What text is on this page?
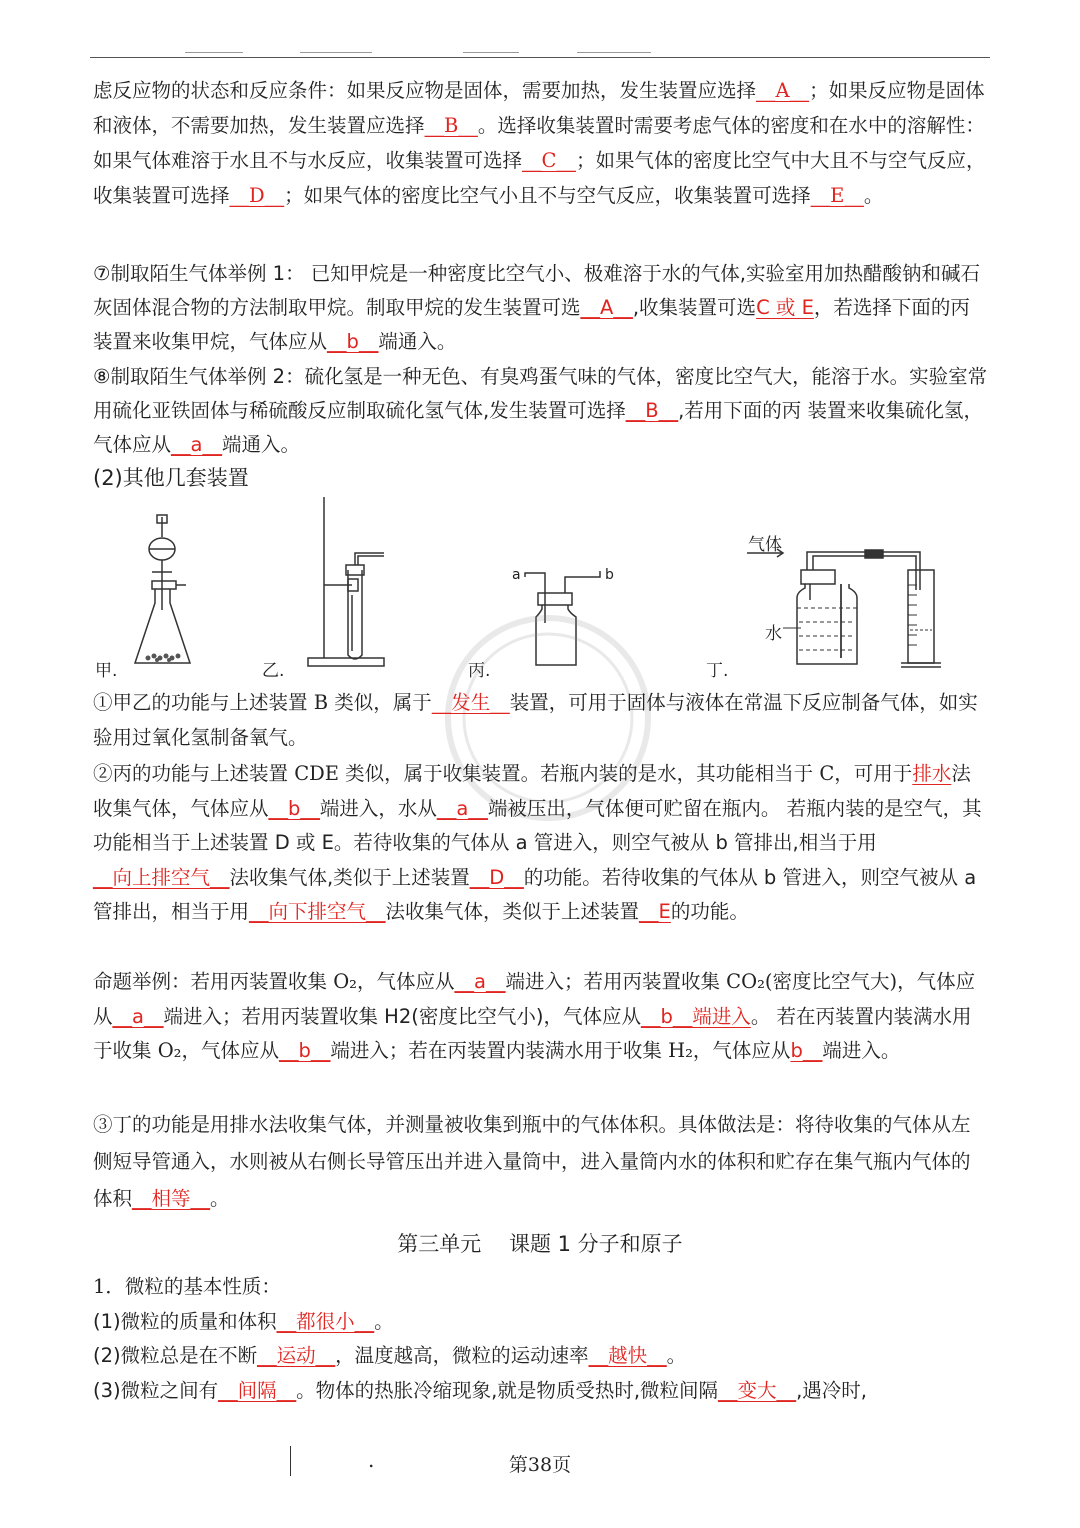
虑反应物的状态和反应条件：如果反应物是固体，需要加热，发生装置应选择__A__；如果反应物是固体和液体，不需要加热，发生装置应选择__B__。选择收集装置时需要考虑气体的密度和在水中的溶解性：如果气体难溶于水且不与水反应，收集装置可选择__C__；如果气体的密度比空气中大且不与空气反应，收集装置可选择__D__；如果气体的密度比空气小且不与空气反应，收集装置可选择__E__。

⑦制取陌生气体举例 1： 已知甲烷是一种密度比空气小、极难溶于水的气体,实验室用加热醋酸钠和碱石灰固体混合物的方法制取甲烷。制取甲烷的发生装置可选__A__,收集装置可选C 或 E，若选择下面的丙装置来收集甲烷，气体应从__b__端通入。

⑧制取陌生气体举例 2：硫化氢是一种无色、有臭鸡蛋气味的气体，密度比空气大，能溶于水。实验室常用硫化亚铁固体与稀硫酸反应制取硫化氢气体,发生装置可选择__B__,若用下面的丙 装置来收集硫化氢，气体应从__a__端通入。

(2)其他几套装置
甲.	乙.
a	b
丙.
气体
水
丁.

①甲乙的功能与上述装置 B 类似，属于__发生__装置，可用于固体与液体在常温下反应制备气体，如实验用过氧化氢制备氧气。

②丙的功能与上述装置 CDE 类似，属于收集装置。若瓶内装的是水，其功能相当于 C，可用于排水法收集气体，气体应从__b__端进入，水从__a__端被压出，气体便可贮留在瓶内。 若瓶内装的是空气，其功能相当于上述装置 D 或 E。若待收集的气体从 a 管进入，则空气被从 b 管排出,相当于用__向上排空气__法收集气体,类似于上述装置__D__的功能。若待收集的气体从 b 管进入，则空气被从 a 管排出，相当于用__向下排空气__法收集气体，类似于上述装置__E的功能。

命题举例：若用丙装置收集 O₂，气体应从__a__端进入；若用丙装置收集 CO₂(密度比空气大)，气体应从__a__端进入；若用丙装置收集 H2(密度比空气小)，气体应从__b__端进入。 若在丙装置内装满水用于收集 O₂，气体应从__b__端进入；若在丙装置内装满水用于收集 H₂，气体应从b__端进入。

③丁的功能是用排水法收集气体，并测量被收集到瓶中的气体体积。具体做法是：将待收集的气体从左侧短导管通入，水则被从右侧长导管压出并进入量筒中，进入量筒内水的体积和贮存在集气瓶内气体的体积__相等__。

第三单元　 课题 1 分子和原子

1．微粒的基本性质：
(1)微粒的质量和体积__都很小__。
(2)微粒总是在不断__运动__，温度越高，微粒的运动速率__越快__。
(3)微粒之间有__间隔__。物体的热胀冷缩现象,就是物质受热时,微粒间隔__变大__,遇冷时,

.	第38页
